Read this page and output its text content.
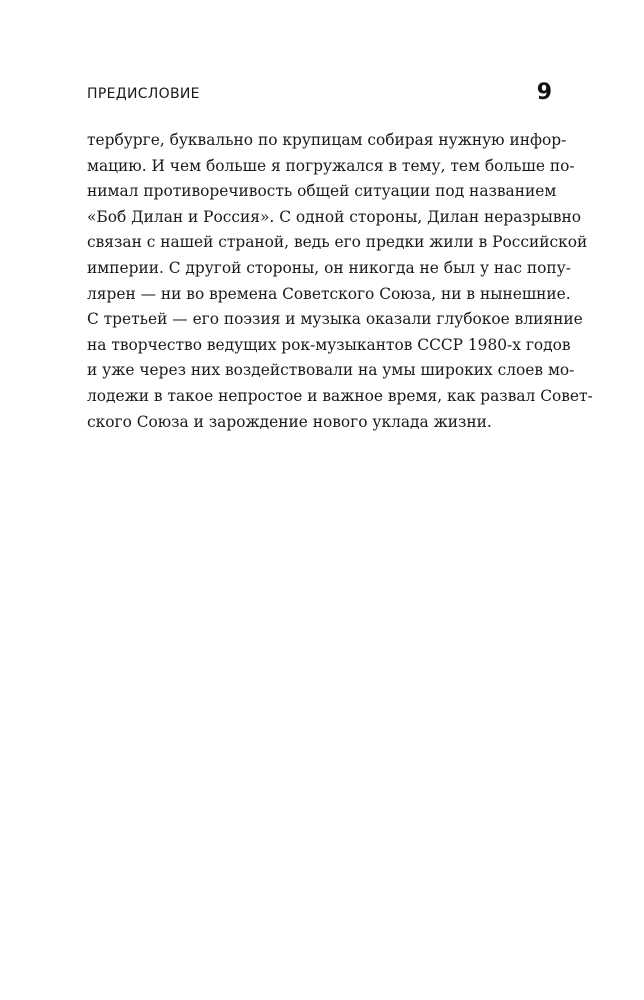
ПРЕДИСЛОВИЕ	9
тербурге, буквально по крупицам собирая нужную инфор-
мацию. И чем больше я погружался в тему, тем больше по-
нимал противоречивость общей ситуации под названием
«Боб Дилан и Россия». С одной стороны, Дилан неразрывно
связан с нашей страной, ведь его предки жили в Российской
империи. С другой стороны, он никогда не был у нас попу-
лярен — ни во времена Советского Союза, ни в нынешние.
С третьей — его поэзия и музыка оказали глубокое влияние
на творчество ведущих рок-музыкантов СССР 1980-х годов
и уже через них воздействовали на умы широких слоев мо-
лодежи в такое непростое и важное время, как развал Совет-
ского Союза и зарождение нового уклада жизни.
